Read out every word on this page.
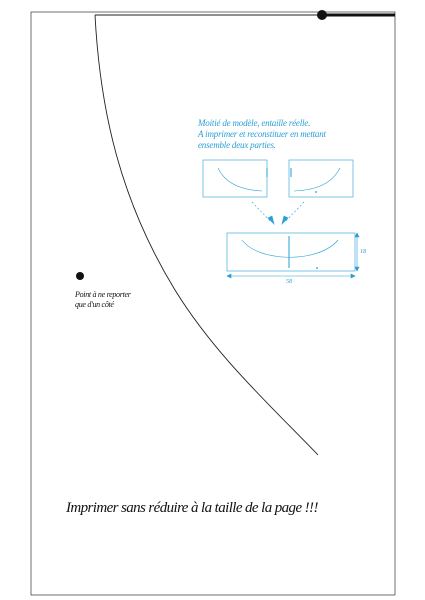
Moitié de modèle, entaille réelle.
A imprimer et reconstituer en mettant
ensemble deux parties.
18
58
Point à ne reporter
que d'un côté
Imprimer sans réduire à la taille de la page !!!
